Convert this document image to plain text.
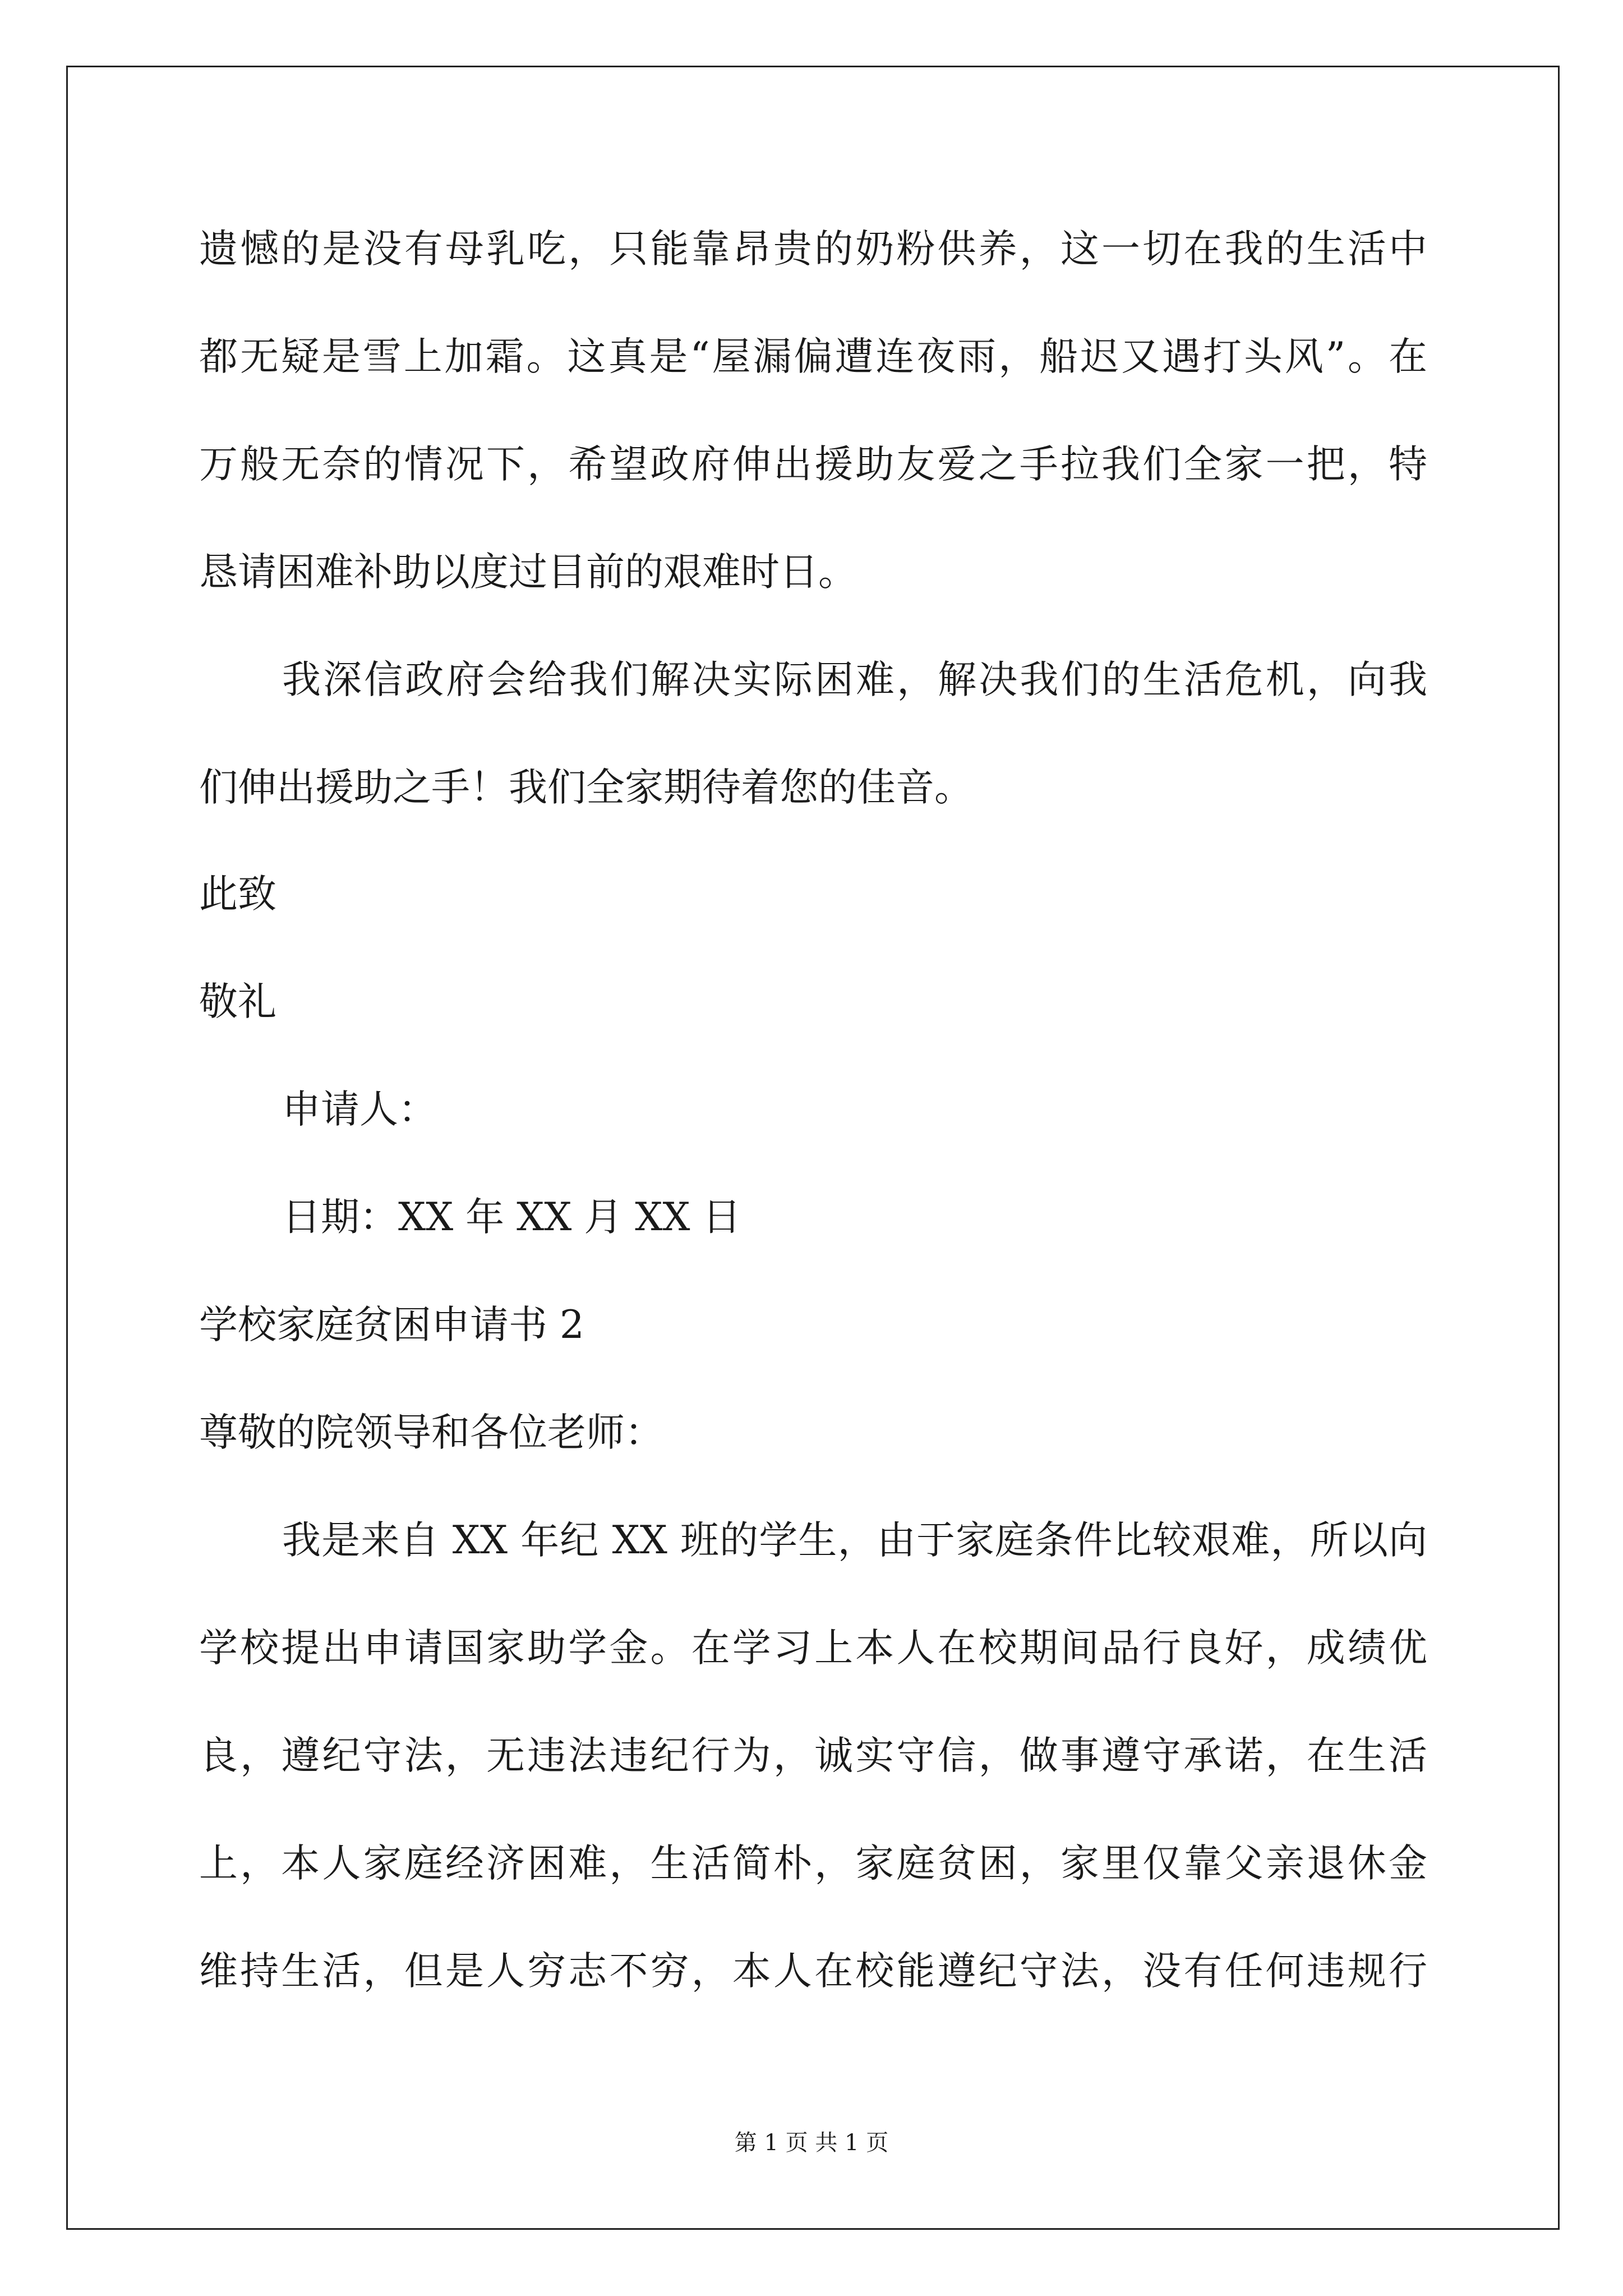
遗憾的是没有母乳吃，只能靠昂贵的奶粉供养，这一切在我的生活中
都无疑是雪上加霜。这真是“屋漏偏遭连夜雨，船迟又遇打头风”。在
万般无奈的情况下，希望政府伸出援助友爱之手拉我们全家一把，特
恳请困难补助以度过目前的艰难时日。
我深信政府会给我们解决实际困难，解决我们的生活危机，向我
们伸出援助之手！我们全家期待着您的佳音。
此致
敬礼
申请人：
日期：XX 年 XX 月 XX 日
学校家庭贫困申请书 2
尊敬的院领导和各位老师：
我是来自 XX 年纪 XX 班的学生，由于家庭条件比较艰难，所以向
学校提出申请国家助学金。在学习上本人在校期间品行良好，成绩优
良，遵纪守法，无违法违纪行为，诚实守信，做事遵守承诺，在生活
上，本人家庭经济困难，生活简朴，家庭贫困，家里仅靠父亲退休金
维持生活，但是人穷志不穷，本人在校能遵纪守法，没有任何违规行
第 1 页 共 1 页
